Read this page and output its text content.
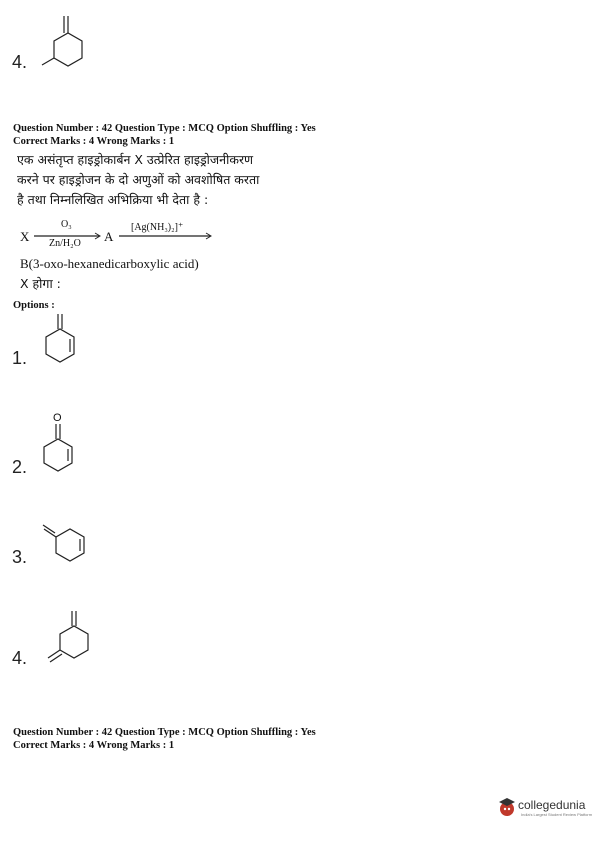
4.
Question Number : 42 Question Type : MCQ Option Shuffling : Yes
Correct Marks : 4 Wrong Marks : 1
एक असंतृप्त हाइड्रोकार्बन X उत्प्रेरित हाइड्रोजनीकरण
करने पर हाइड्रोजन के दो अणुओं को अवशोषित करता
है तथा निम्नलिखित अभिक्रिया भी देता है :
X
O₃
Zn/H₂O A
[Ag(NH₃)₂]⁺
B(3-oxo-hexanedicarboxylic acid)
X होगा :
Options :
1.
2.
O
3.
4.
Question Number : 42 Question Type : MCQ Option Shuffling : Yes
Correct Marks : 4 Wrong Marks : 1
collegedunia
India's Largest Student Review Platform
